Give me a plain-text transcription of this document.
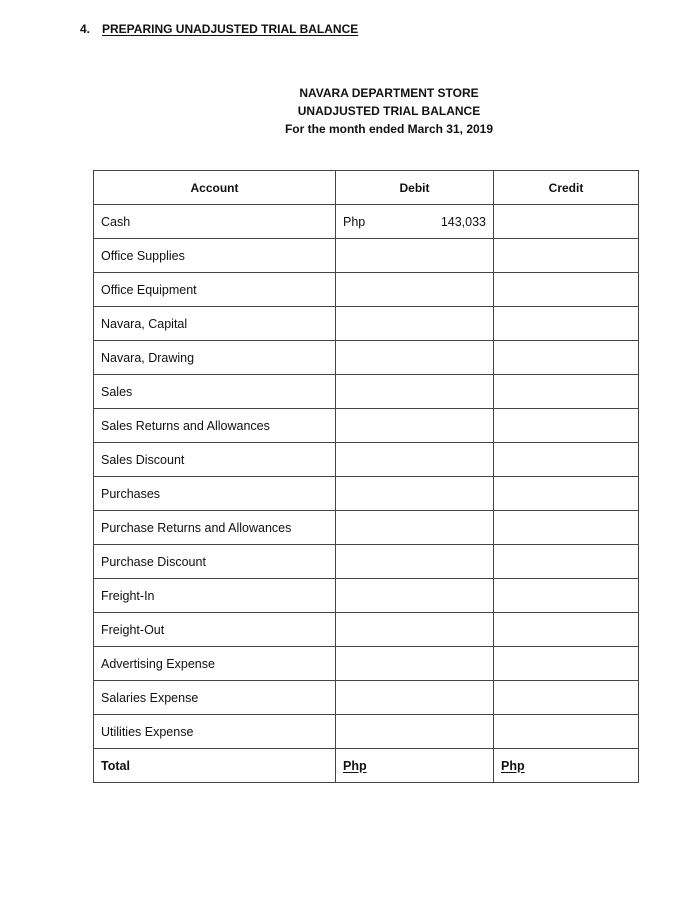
4. PREPARING UNADJUSTED TRIAL BALANCE
NAVARA DEPARTMENT STORE
UNADJUSTED TRIAL BALANCE
For the month ended March 31, 2019
Account	Debit	Credit
Cash	Php 143,033	

Office Supplies	

Office Equipment	

Navara, Capital	

Navara, Drawing	

Sales	

Sales Returns and Allowances	

Sales Discount	

Purchases	

Purchase Returns and Allowances	

Purchase Discount	

Freight-In	

Freight-Out	

Advertising Expense	

Salaries Expense	

Utilities Expense	

Total	Php	Php
